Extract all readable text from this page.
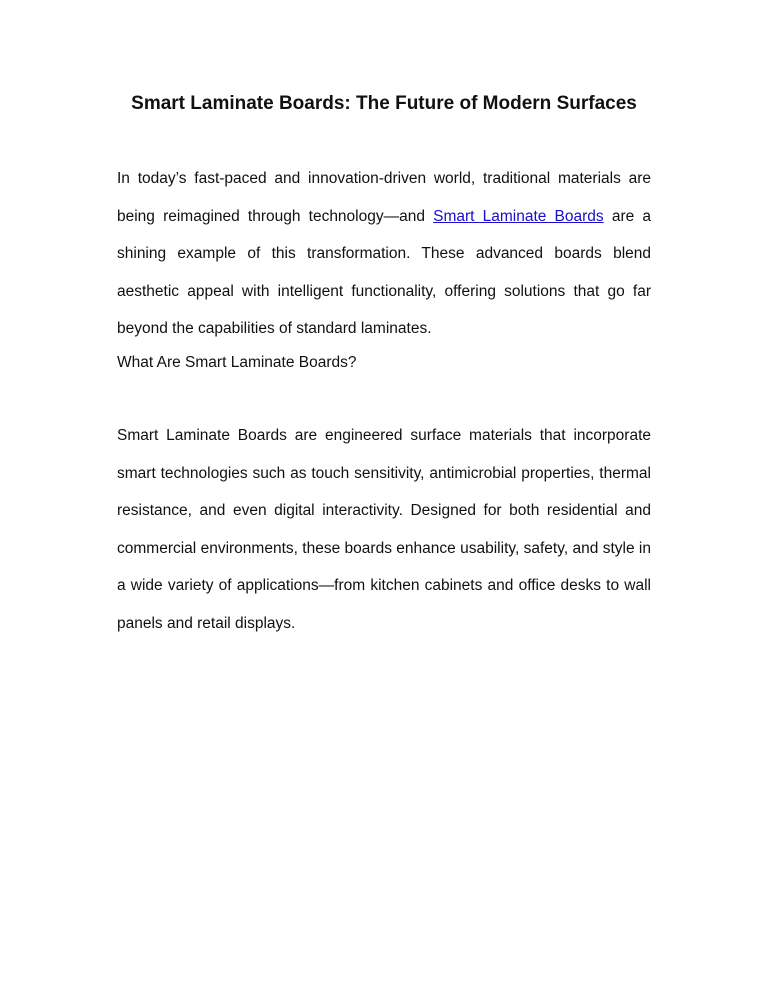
Smart Laminate Boards: The Future of Modern Surfaces

In today’s fast-paced and innovation-driven world, traditional materials are being reimagined through technology—and Smart Laminate Boards are a shining example of this transformation. These advanced boards blend aesthetic appeal with intelligent functionality, offering solutions that go far beyond the capabilities of standard laminates.

What Are Smart Laminate Boards?

Smart Laminate Boards are engineered surface materials that incorporate smart technologies such as touch sensitivity, antimicrobial properties, thermal resistance, and even digital interactivity. Designed for both residential and commercial environments, these boards enhance usability, safety, and style in a wide variety of applications—from kitchen cabinets and office desks to wall panels and retail displays.
